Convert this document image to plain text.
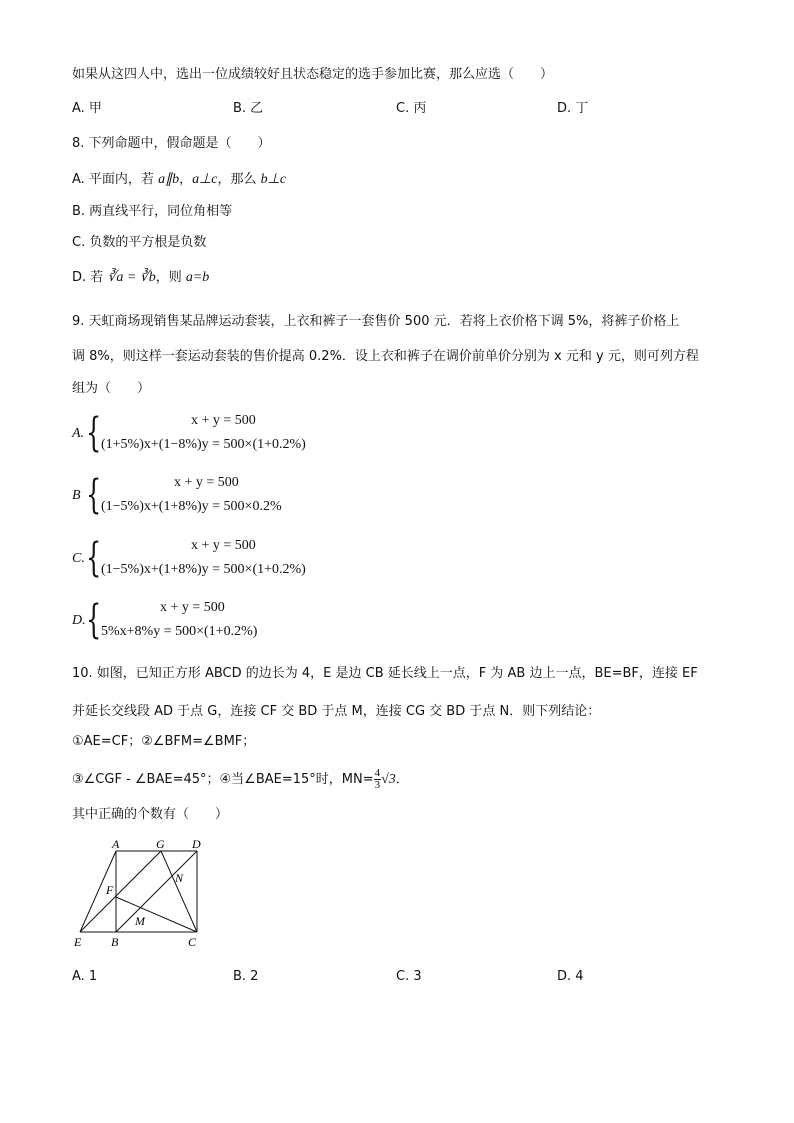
如果从这四人中，选出一位成绩较好且状态稳定的选手参加比赛，那么应选（　　）
A. 甲	B. 乙	C. 丙	D. 丁
8. 下列命题中，假命题是（　　）
A. 平面内，若 a∥b，a⊥c，那么 b⊥c
B. 两直线平行，同位角相等
C. 负数的平方根是负数
D. 若 ∛a = ∛b，则 a=b
9. 天虹商场现销售某品牌运动套装，上衣和裤子一套售价 500 元．若将上衣价格下调 5%，将裤子价格上
调 8%，则这样一套运动套装的售价提高 0.2%．设上衣和裤子在调价前单价分别为 x 元和 y 元，则可列方程
组为（　　）
A. {	x + y = 500
(1+5%)x+(1−8%)y = 500×(1+0.2%)
B {	x + y = 500
(1−5%)x+(1+8%)y = 500×0.2%
C. {	x + y = 500
(1−5%)x+(1+8%)y = 500×(1+0.2%)
D. {	x + y = 500
5%x+8%y = 500×(1+0.2%)
10. 如图，已知正方形 ABCD 的边长为 4，E 是边 CB 延长线上一点，F 为 AB 边上一点，BE=BF，连接 EF
并延长交线段 AD 于点 G，连接 CF 交 BD 于点 M，连接 CG 交 BD 于点 N．则下列结论：
①AE=CF；②∠BFM=∠BMF；
③∠CGF - ∠BAE=45°；④当∠BAE=15°时，$MN= \frac{4}{3} √3$．
其中正确的个数有（　　）
A	G D
F
N
M
E B	C
A. 1	B. 2	C. 3	D. 4
